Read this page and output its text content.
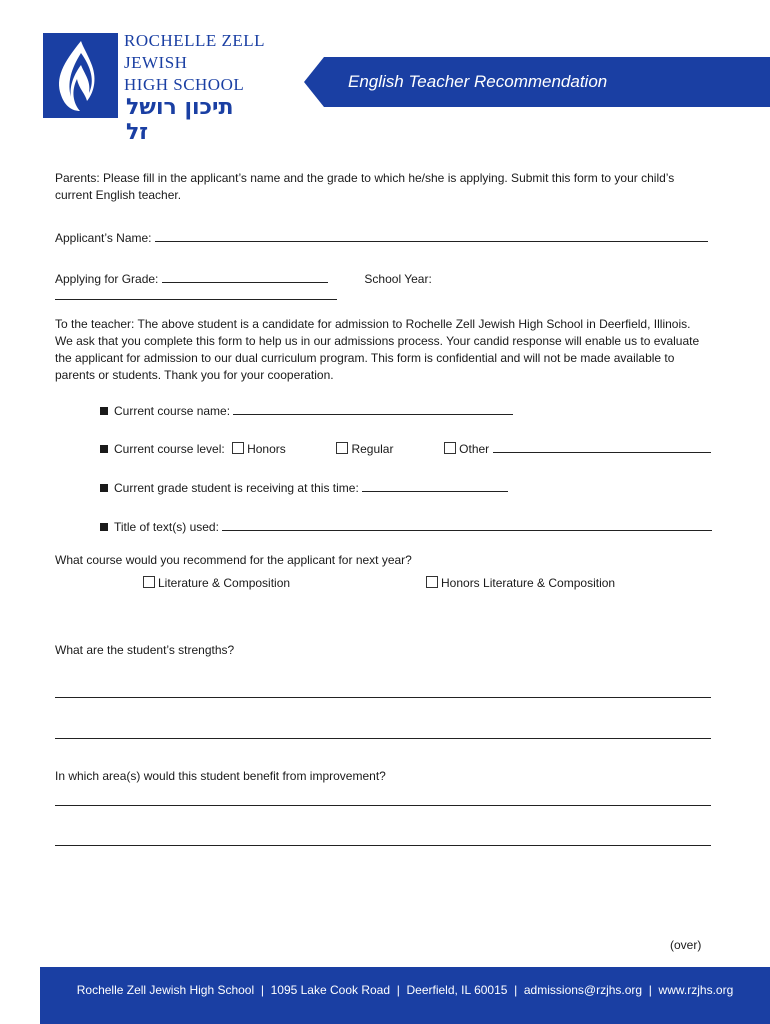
ROCHELLE ZELL
JEWISH
HIGH SCHOOL
תיכון רושל זל
English Teacher Recommendation
Parents: Please fill in the applicant’s name and the grade to which he/she is applying. Submit this form to your child’s current English teacher.
Applicant’s Name:
Applying for Grade:	School Year:
To the teacher: The above student is a candidate for admission to Rochelle Zell Jewish High School in Deerfield, Illinois. We ask that you complete this form to help us in our admissions process. Your candid response will enable us to evaluate the applicant for admission to our dual curriculum program. This form is confidential and will not be made available to parents or students. Thank you for your cooperation.
Current course name:
Current course level: Honors	Regular	Other
Current grade student is receiving at this time:
Title of text(s) used:
What course would you recommend for the applicant for next year?
Literature & Composition	Honors Literature & Composition
What are the student’s strengths?
In which area(s) would this student benefit from improvement?
(over)
Rochelle Zell Jewish High School  |  1095 Lake Cook Road  |  Deerfield, IL 60015  |  admissions@rzjhs.org  |  www.rzjhs.org
